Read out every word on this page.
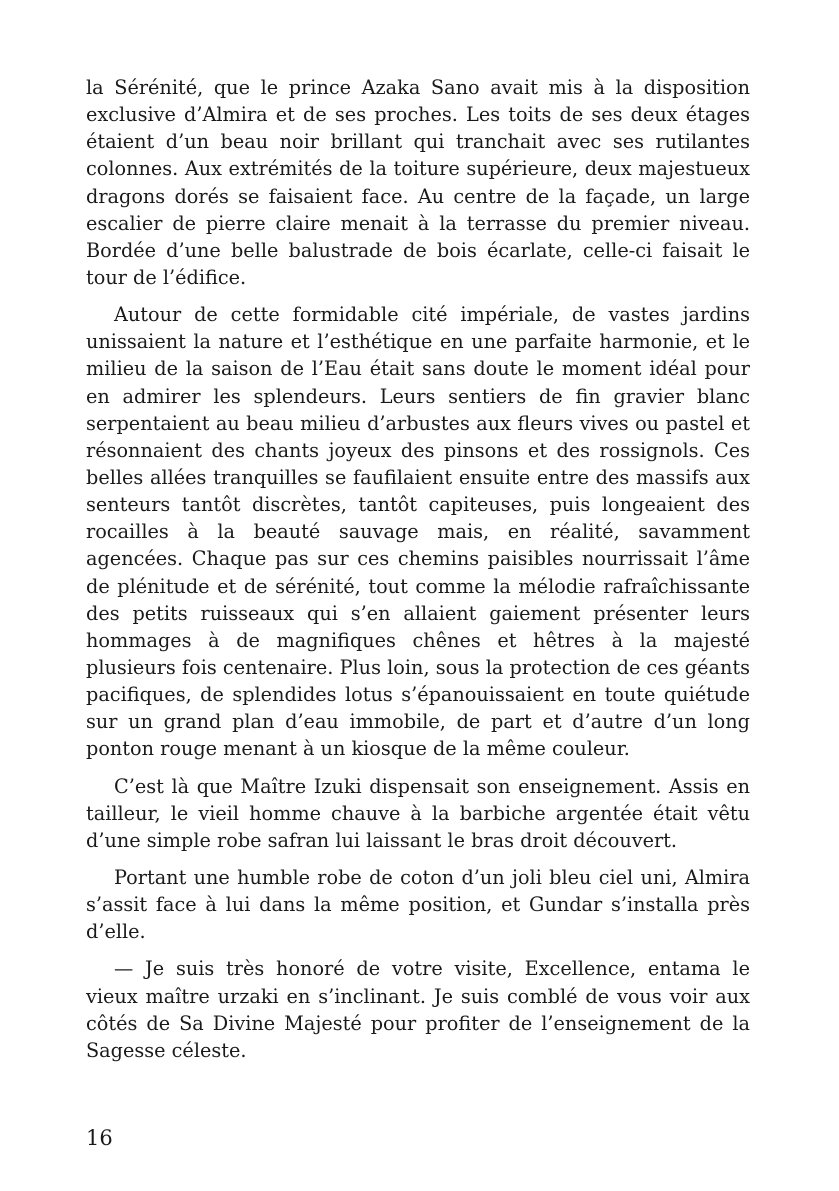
la Sérénité, que le prince Azaka Sano avait mis à la disposition exclusive d’Almira et de ses proches. Les toits de ses deux étages étaient d’un beau noir brillant qui tranchait avec ses rutilantes colonnes. Aux extrémités de la toiture supérieure, deux majestueux dragons dorés se faisaient face. Au centre de la façade, un large escalier de pierre claire menait à la terrasse du premier niveau. Bordée d’une belle balustrade de bois écarlate, celle-ci faisait le tour de l’édifice.

Autour de cette formidable cité impériale, de vastes jardins unissaient la nature et l’esthétique en une parfaite harmonie, et le milieu de la saison de l’Eau était sans doute le moment idéal pour en admirer les splendeurs. Leurs sentiers de fin gravier blanc serpentaient au beau milieu d’arbustes aux fleurs vives ou pastel et résonnaient des chants joyeux des pinsons et des rossignols. Ces belles allées tranquilles se faufilaient ensuite entre des massifs aux senteurs tantôt discrètes, tantôt capiteuses, puis longeaient des rocailles à la beauté sauvage mais, en réalité, savamment agencées. Chaque pas sur ces chemins paisibles nourrissait l’âme de plénitude et de sérénité, tout comme la mélodie rafraîchissante des petits ruisseaux qui s’en allaient gaiement présenter leurs hommages à de magnifiques chênes et hêtres à la majesté plusieurs fois centenaire. Plus loin, sous la protection de ces géants pacifiques, de splendides lotus s’épanouissaient en toute quiétude sur un grand plan d’eau immobile, de part et d’autre d’un long ponton rouge menant à un kiosque de la même couleur.

C’est là que Maître Izuki dispensait son enseignement. Assis en tailleur, le vieil homme chauve à la barbiche argentée était vêtu d’une simple robe safran lui laissant le bras droit découvert.

Portant une humble robe de coton d’un joli bleu ciel uni, Almira s’assit face à lui dans la même position, et Gundar s’installa près d’elle.

— Je suis très honoré de votre visite, Excellence, entama le vieux maître urzaki en s’inclinant. Je suis comblé de vous voir aux côtés de Sa Divine Majesté pour profiter de l’enseignement de la Sagesse céleste.

16
